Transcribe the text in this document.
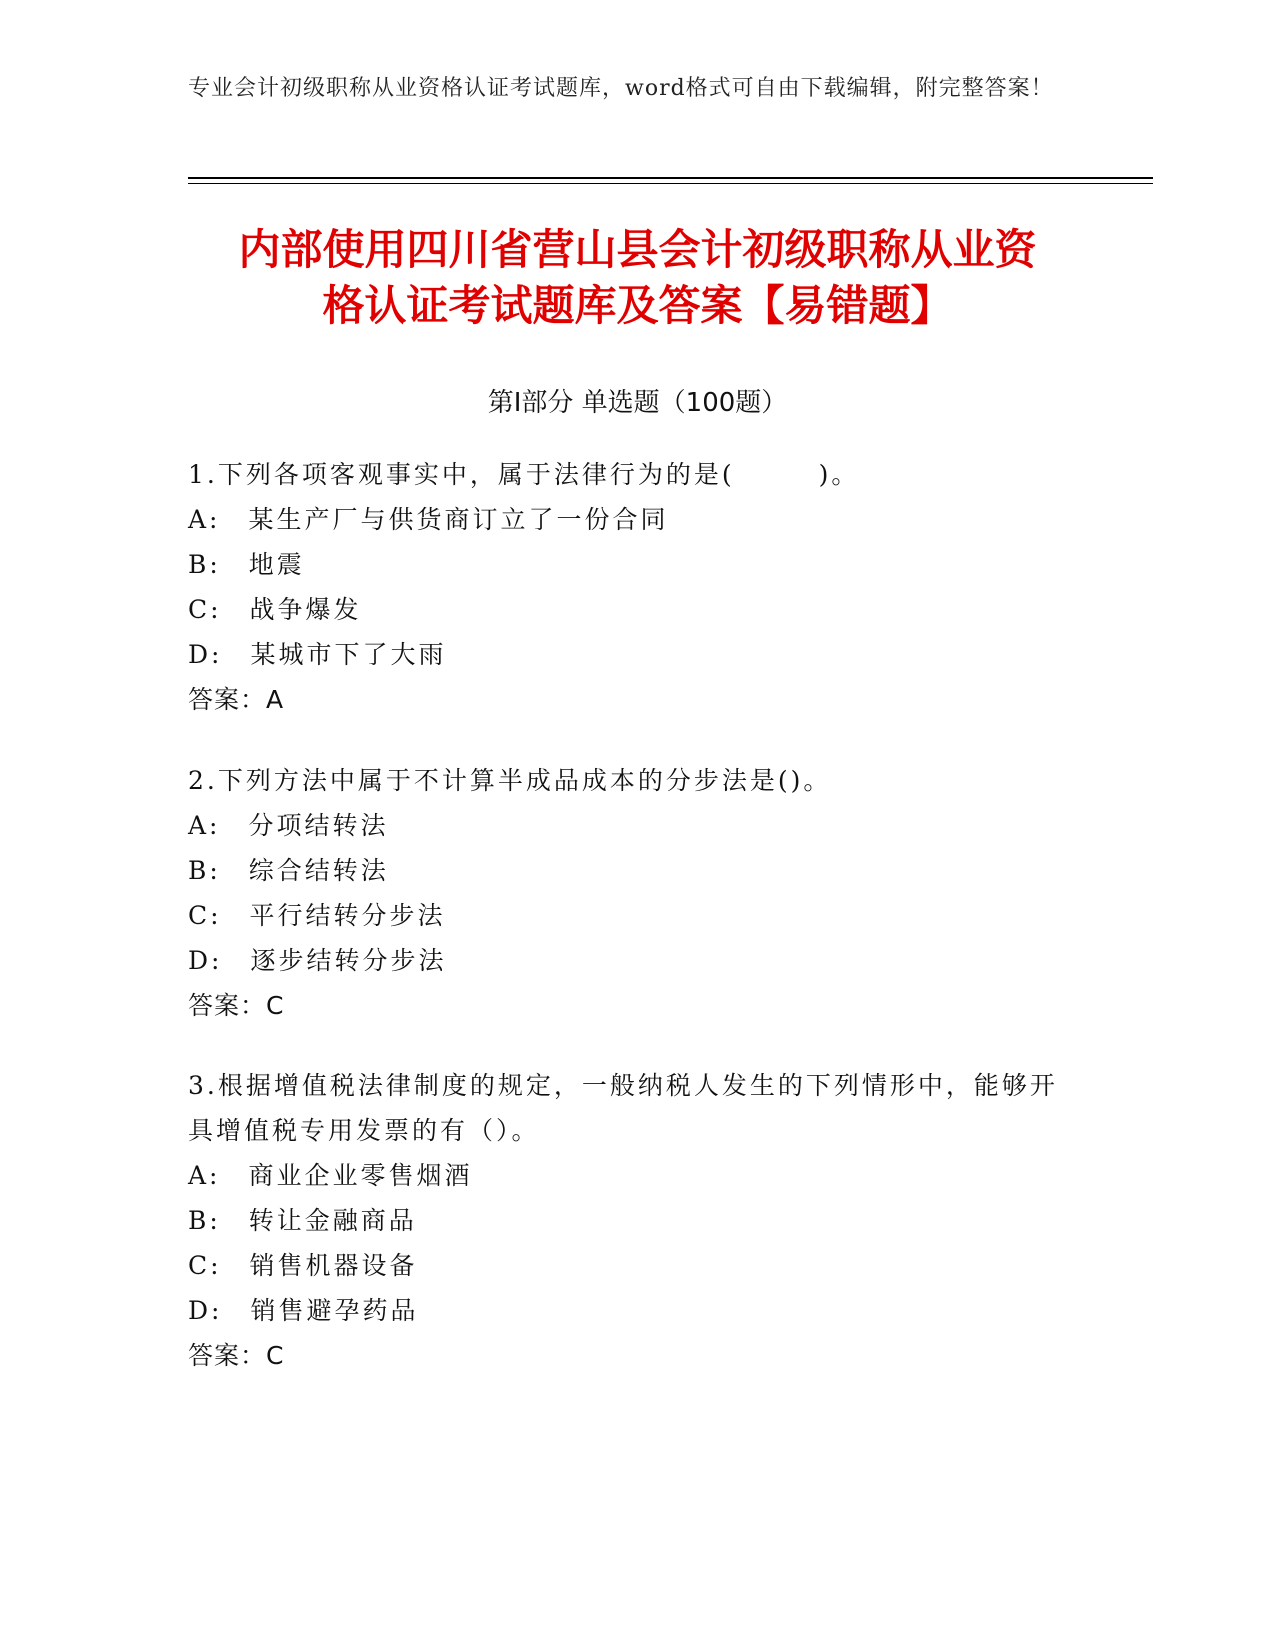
专业会计初级职称从业资格认证考试题库，word格式可自由下载编辑，附完整答案！
内部使用四川省营山县会计初级职称从业资
格认证考试题库及答案【易错题】
第Ⅰ部分 单选题（100题）
1.下列各项客观事实中，属于法律行为的是(　　　)。
A:　某生产厂与供货商订立了一份合同
B:　地震
C:　战争爆发
D:　某城市下了大雨
答案：A
2.下列方法中属于不计算半成品成本的分步法是()。
A:　分项结转法
B:　综合结转法
C:　平行结转分步法
D:　逐步结转分步法
答案：C
3.根据增值税法律制度的规定，一般纳税人发生的下列情形中，能够开具增值税专用发票的有（）。
A:　商业企业零售烟酒
B:　转让金融商品
C:　销售机器设备
D:　销售避孕药品
答案：C
